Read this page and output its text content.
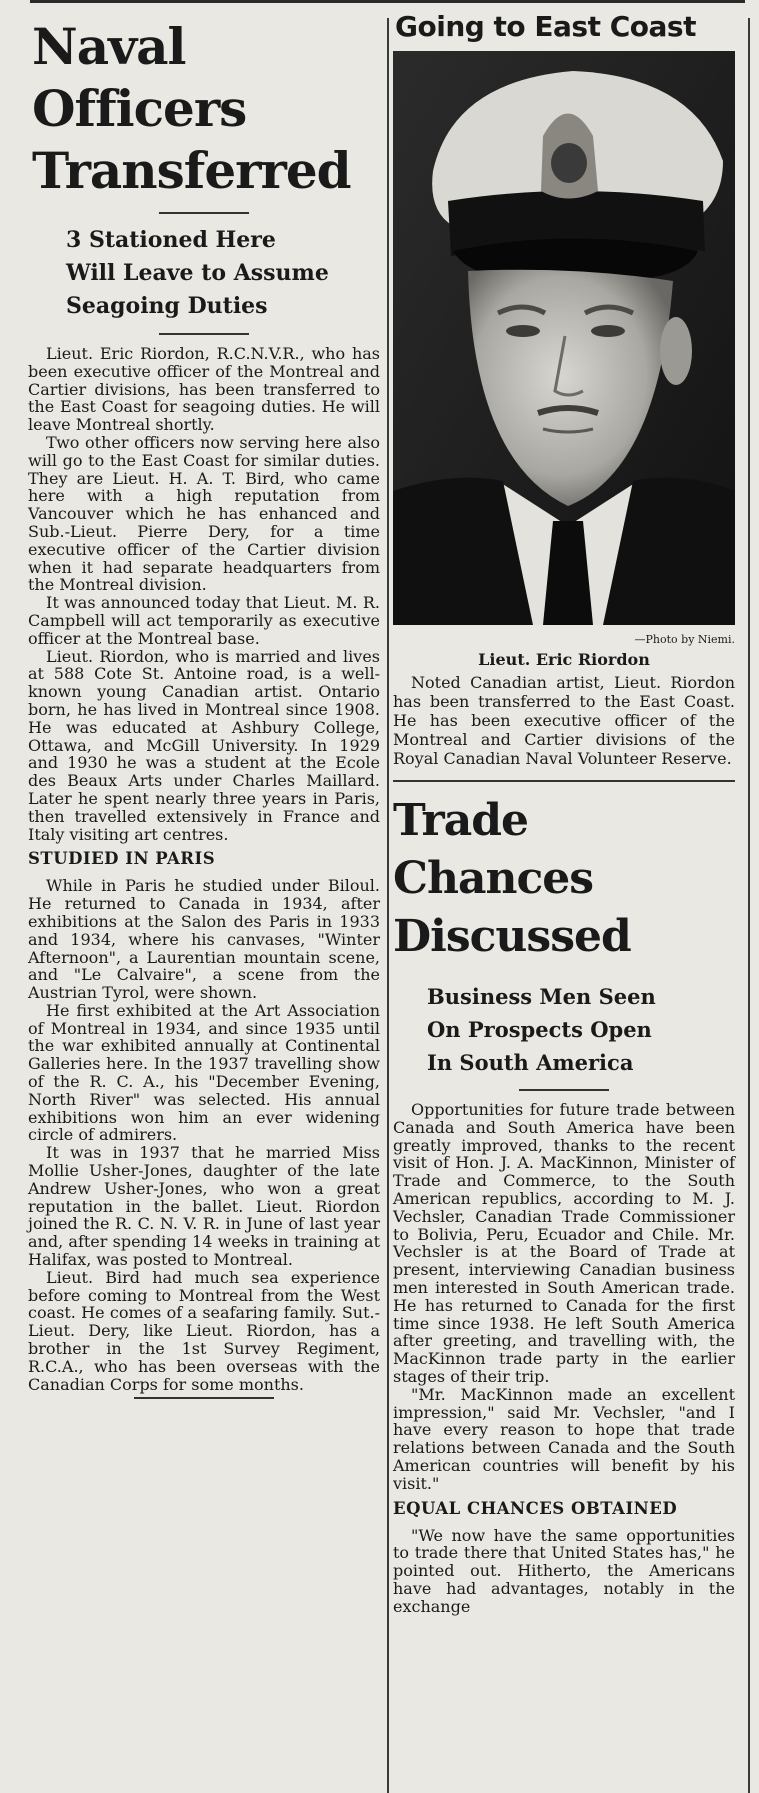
Naval Officers
Transferred
3 Stationed Here
Will Leave to Assume
Seagoing Duties

Lieut. Eric Riordon, R.C.N.V.R., who has been executive officer of the Montreal and Cartier divisions, has been transferred to the East Coast for seagoing duties. He will leave Montreal shortly.

Two other officers now serving here also will go to the East Coast for similar duties. They are Lieut. H. A. T. Bird, who came here with a high reputation from Vancouver which he has enhanced and Sub.-Lieut. Pierre Dery, for a time executive officer of the Cartier division when it had separate headquarters from the Montreal division.

It was announced today that Lieut. M. R. Campbell will act temporarily as executive officer at the Montreal base.

Lieut. Riordon, who is married and lives at 588 Cote St. Antoine road, is a well-known young Canadian artist. Ontario born, he has lived in Montreal since 1908. He was educated at Ashbury College, Ottawa, and McGill University. In 1929 and 1930 he was a student at the Ecole des Beaux Arts under Charles Maillard. Later he spent nearly three years in Paris, then travelled extensively in France and Italy visiting art centres.

STUDIED IN PARIS

While in Paris he studied under Biloul. He returned to Canada in 1934, after exhibitions at the Salon des Paris in 1933 and 1934, where his canvases, "Winter Afternoon", a Laurentian mountain scene, and "Le Calvaire", a scene from the Austrian Tyrol, were shown.

He first exhibited at the Art Association of Montreal in 1934, and since 1935 until the war exhibited annually at Continental Galleries here. In the 1937 travelling show of the R. C. A., his "December Evening, North River" was selected. His annual exhibitions won him an ever widening circle of admirers.

It was in 1937 that he married Miss Mollie Usher-Jones, daughter of the late Andrew Usher-Jones, who won a great reputation in the ballet. Lieut. Riordon joined the R. C. N. V. R. in June of last year and, after spending 14 weeks in training at Halifax, was posted to Montreal.

Lieut. Bird had much sea experience before coming to Montreal from the West coast. He comes of a seafaring family. Sut.-Lieut. Dery, like Lieut. Riordon, has a brother in the 1st Survey Regiment, R.C.A., who has been overseas with the Canadian Corps for some months.

Going to East Coast
—Photo by Niemi.
Lieut. Eric Riordon

Noted Canadian artist, Lieut. Riordon has been transferred to the East Coast. He has been executive officer of the Montreal and Cartier divisions of the Royal Canadian Naval Volunteer Reserve.

Trade Chances
Discussed
Business Men Seen
On Prospects Open
In South America

Opportunities for future trade between Canada and South America have been greatly improved, thanks to the recent visit of Hon. J. A. MacKinnon, Minister of Trade and Commerce, to the South American republics, according to M. J. Vechsler, Canadian Trade Commissioner to Bolivia, Peru, Ecuador and Chile. Mr. Vechsler is at the Board of Trade at present, interviewing Canadian business men interested in South American trade. He has returned to Canada for the first time since 1938. He left South America after greeting, and travelling with, the MacKinnon trade party in the earlier stages of their trip.

"Mr. MacKinnon made an excellent impression," said Mr. Vechsler, "and I have every reason to hope that trade relations between Canada and the South American countries will benefit by his visit."

EQUAL CHANCES OBTAINED

"We now have the same opportunities to trade there that United States has," he pointed out. Hitherto, the Americans have had advantages, notably in the exchange
